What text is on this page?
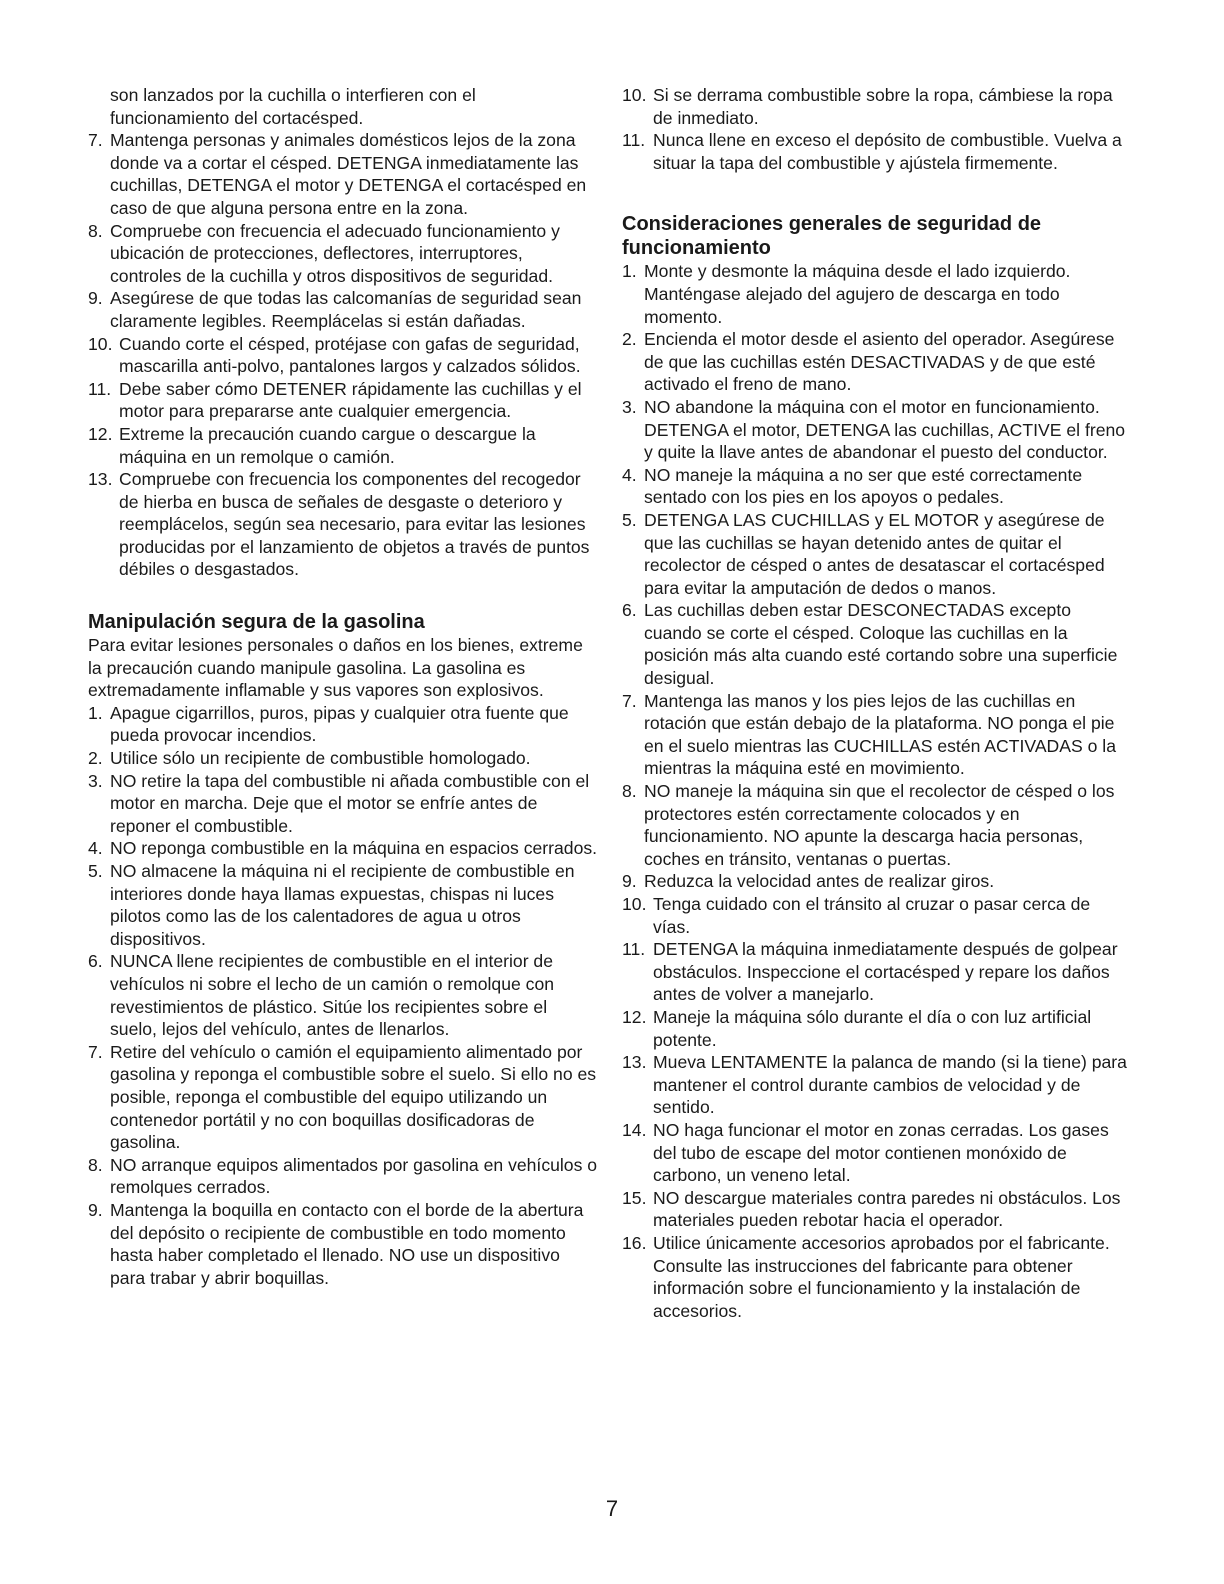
son lanzados por la cuchilla o interfieren con el funcionamiento del cortacésped.

7. Mantenga personas y animales domésticos lejos de la zona donde va a cortar el césped. DETENGA inmediatamente las cuchillas, DETENGA el motor y DETENGA el cortacésped en caso de que alguna persona entre en la zona.
8. Compruebe con frecuencia el adecuado funcionamiento y ubicación de protecciones, deflectores, interruptores, controles de la cuchilla y otros dispositivos de seguridad.
9. Asegúrese de que todas las calcomanías de seguridad sean claramente legibles. Reemplácelas si están dañadas.
10. Cuando corte el césped, protéjase con gafas de seguridad, mascarilla anti-polvo, pantalones largos y calzados sólidos.
11. Debe saber cómo DETENER rápidamente las cuchillas y el motor para prepararse ante cualquier emergencia.
12. Extreme la precaución cuando cargue o descargue la máquina en un remolque o camión.
13. Compruebe con frecuencia los componentes del recogedor de hierba en busca de señales de desgaste o deterioro y reemplácelos, según sea necesario, para evitar las lesiones producidas por el lanzamiento de objetos a través de puntos débiles o desgastados.
Manipulación segura de la gasolina

Para evitar lesiones personales o daños en los bienes, extreme la precaución cuando manipule gasolina. La gasolina es extremadamente inflamable y sus vapores son explosivos.

1. Apague cigarrillos, puros, pipas y cualquier otra fuente que pueda provocar incendios.
2. Utilice sólo un recipiente de combustible homologado.
3. NO retire la tapa del combustible ni añada combustible con el motor en marcha. Deje que el motor se enfríe antes de reponer el combustible.
4. NO reponga combustible en la máquina en espacios cerrados.
5. NO almacene la máquina ni el recipiente de combustible en interiores donde haya llamas expuestas, chispas ni luces pilotos como las de los calentadores de agua u otros dispositivos.
6. NUNCA llene recipientes de combustible en el interior de vehículos ni sobre el lecho de un camión o remolque con revestimientos de plástico. Sitúe los recipientes sobre el suelo, lejos del vehículo, antes de llenarlos.
7. Retire del vehículo o camión el equipamiento alimentado por gasolina y reponga el combustible sobre el suelo. Si ello no es posible, reponga el combustible del equipo utilizando un contenedor portátil y no con boquillas dosificadoras de gasolina.
8. NO arranque equipos alimentados por gasolina en vehículos o remolques cerrados.
9. Mantenga la boquilla en contacto con el borde de la abertura del depósito o recipiente de combustible en todo momento hasta haber completado el llenado. NO use un dispositivo para trabar y abrir boquillas.
10. Si se derrama combustible sobre la ropa, cámbiese la ropa de inmediato.
11. Nunca llene en exceso el depósito de combustible. Vuelva a situar la tapa del combustible y ajústela firmemente.
Consideraciones generales de seguridad de funcionamiento
1. Monte y desmonte la máquina desde el lado izquierdo. Manténgase alejado del agujero de descarga en todo momento.
2. Encienda el motor desde el asiento del operador. Asegúrese de que las cuchillas estén DESACTIVADAS y de que esté activado el freno de mano.
3. NO abandone la máquina con el motor en funcionamiento. DETENGA el motor, DETENGA las cuchillas, ACTIVE el freno y quite la llave antes de abandonar el puesto del conductor.
4. NO maneje la máquina a no ser que esté correctamente sentado con los pies en los apoyos o pedales.
5. DETENGA LAS CUCHILLAS y EL MOTOR y asegúrese de que las cuchillas se hayan detenido antes de quitar el recolector de césped o antes de desatascar el cortacésped para evitar la amputación de dedos o manos.
6. Las cuchillas deben estar DESCONECTADAS excepto cuando se corte el césped. Coloque las cuchillas en la posición más alta cuando esté cortando sobre una superficie desigual.
7. Mantenga las manos y los pies lejos de las cuchillas en rotación que están debajo de la plataforma. NO ponga el pie en el suelo mientras las CUCHILLAS estén ACTIVADAS o la mientras la máquina esté en movimiento.
8. NO maneje la máquina sin que el recolector de césped o los protectores estén correctamente colocados y en funcionamiento. NO apunte la descarga hacia personas, coches en tránsito, ventanas o puertas.
9. Reduzca la velocidad antes de realizar giros.
10. Tenga cuidado con el tránsito al cruzar o pasar cerca de vías.
11. DETENGA la máquina inmediatamente después de golpear obstáculos. Inspeccione el cortacésped y repare los daños antes de volver a manejarlo.
12. Maneje la máquina sólo durante el día o con luz artificial potente.
13. Mueva LENTAMENTE la palanca de mando (si la tiene) para mantener el control durante cambios de velocidad y de sentido.
14. NO haga funcionar el motor en zonas cerradas. Los gases del tubo de escape del motor contienen monóxido de carbono, un veneno letal.
15. NO descargue materiales contra paredes ni obstáculos. Los materiales pueden rebotar hacia el operador.
16. Utilice únicamente accesorios aprobados por el fabricante. Consulte las instrucciones del fabricante para obtener información sobre el funcionamiento y la instalación de accesorios.
7
